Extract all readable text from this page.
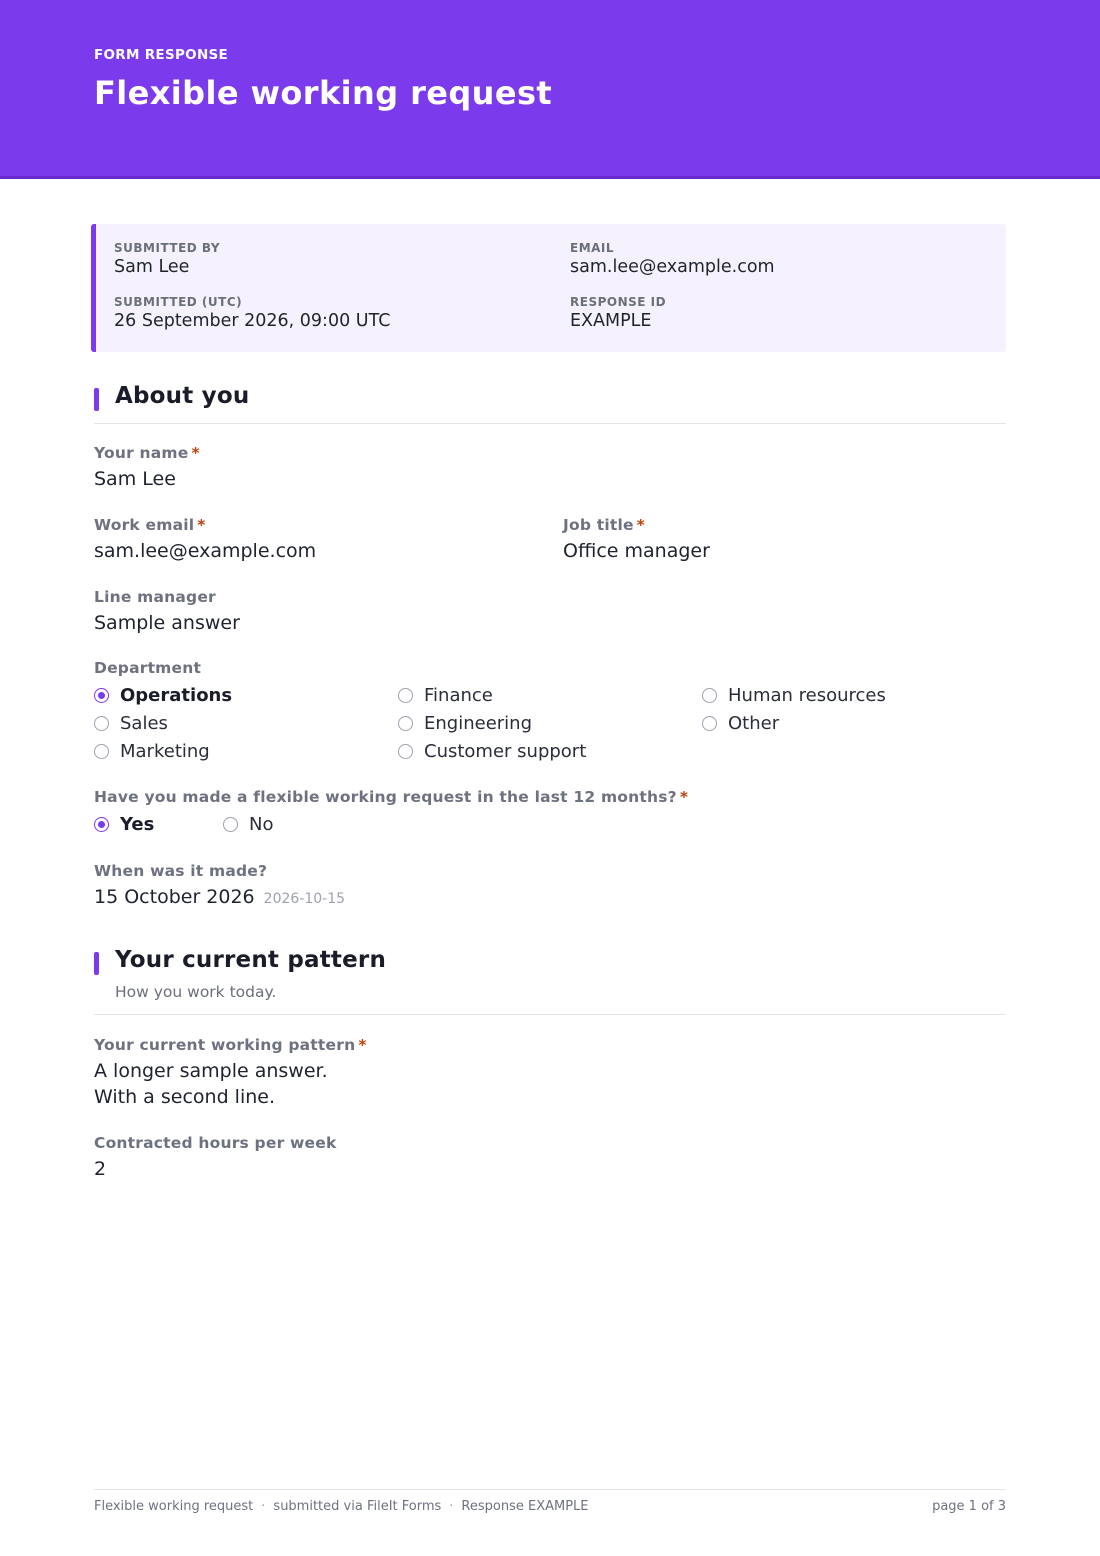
FORM RESPONSE
Flexible working request
SUBMITTED BY
Sam Lee
EMAIL
sam.lee@example.com
SUBMITTED (UTC)
26 September 2026, 09:00 UTC
RESPONSE ID
EXAMPLE
About you
Your name *
Sam Lee
Work email *
sam.lee@example.com
Job title *
Office manager
Line manager
Sample answer
Department
Operations	Finance	Human resources
Sales	Engineering	Other
Marketing	Customer support
Have you made a flexible working request in the last 12 months? *
Yes	No
When was it made?
15 October 2026 2026-10-15
Your current pattern
How you work today.
Your current working pattern *
A longer sample answer.
With a second line.
Contracted hours per week
2
Flexible working request · submitted via FileIt Forms · Response EXAMPLE	page 1 of 3
